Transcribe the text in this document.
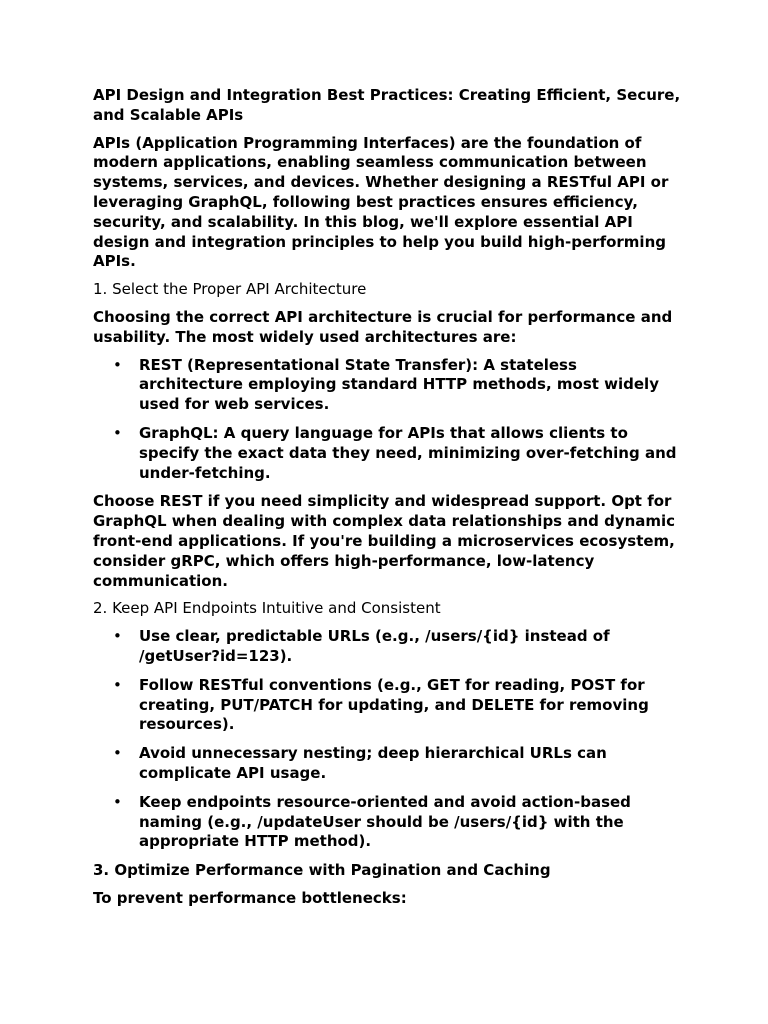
API Design and Integration Best Practices: Creating Efficient, Secure, and Scalable APIs

APIs (Application Programming Interfaces) are the foundation of modern applications, enabling seamless communication between systems, services, and devices. Whether designing a RESTful API or leveraging GraphQL, following best practices ensures efficiency, security, and scalability. In this blog, we'll explore essential API design and integration principles to help you build high-performing APIs.

1. Select the Proper API Architecture

Choosing the correct API architecture is crucial for performance and usability. The most widely used architectures are:

• REST (Representational State Transfer): A stateless architecture employing standard HTTP methods, most widely used for web services.
• GraphQL: A query language for APIs that allows clients to specify the exact data they need, minimizing over-fetching and under-fetching.

Choose REST if you need simplicity and widespread support. Opt for GraphQL when dealing with complex data relationships and dynamic front-end applications. If you're building a microservices ecosystem, consider gRPC, which offers high-performance, low-latency communication.

2. Keep API Endpoints Intuitive and Consistent

• Use clear, predictable URLs (e.g., /users/{id} instead of /getUser?id=123).
• Follow RESTful conventions (e.g., GET for reading, POST for creating, PUT/PATCH for updating, and DELETE for removing resources).
• Avoid unnecessary nesting; deep hierarchical URLs can complicate API usage.
• Keep endpoints resource-oriented and avoid action-based naming (e.g., /updateUser should be /users/{id} with the appropriate HTTP method).

3. Optimize Performance with Pagination and Caching

To prevent performance bottlenecks:
